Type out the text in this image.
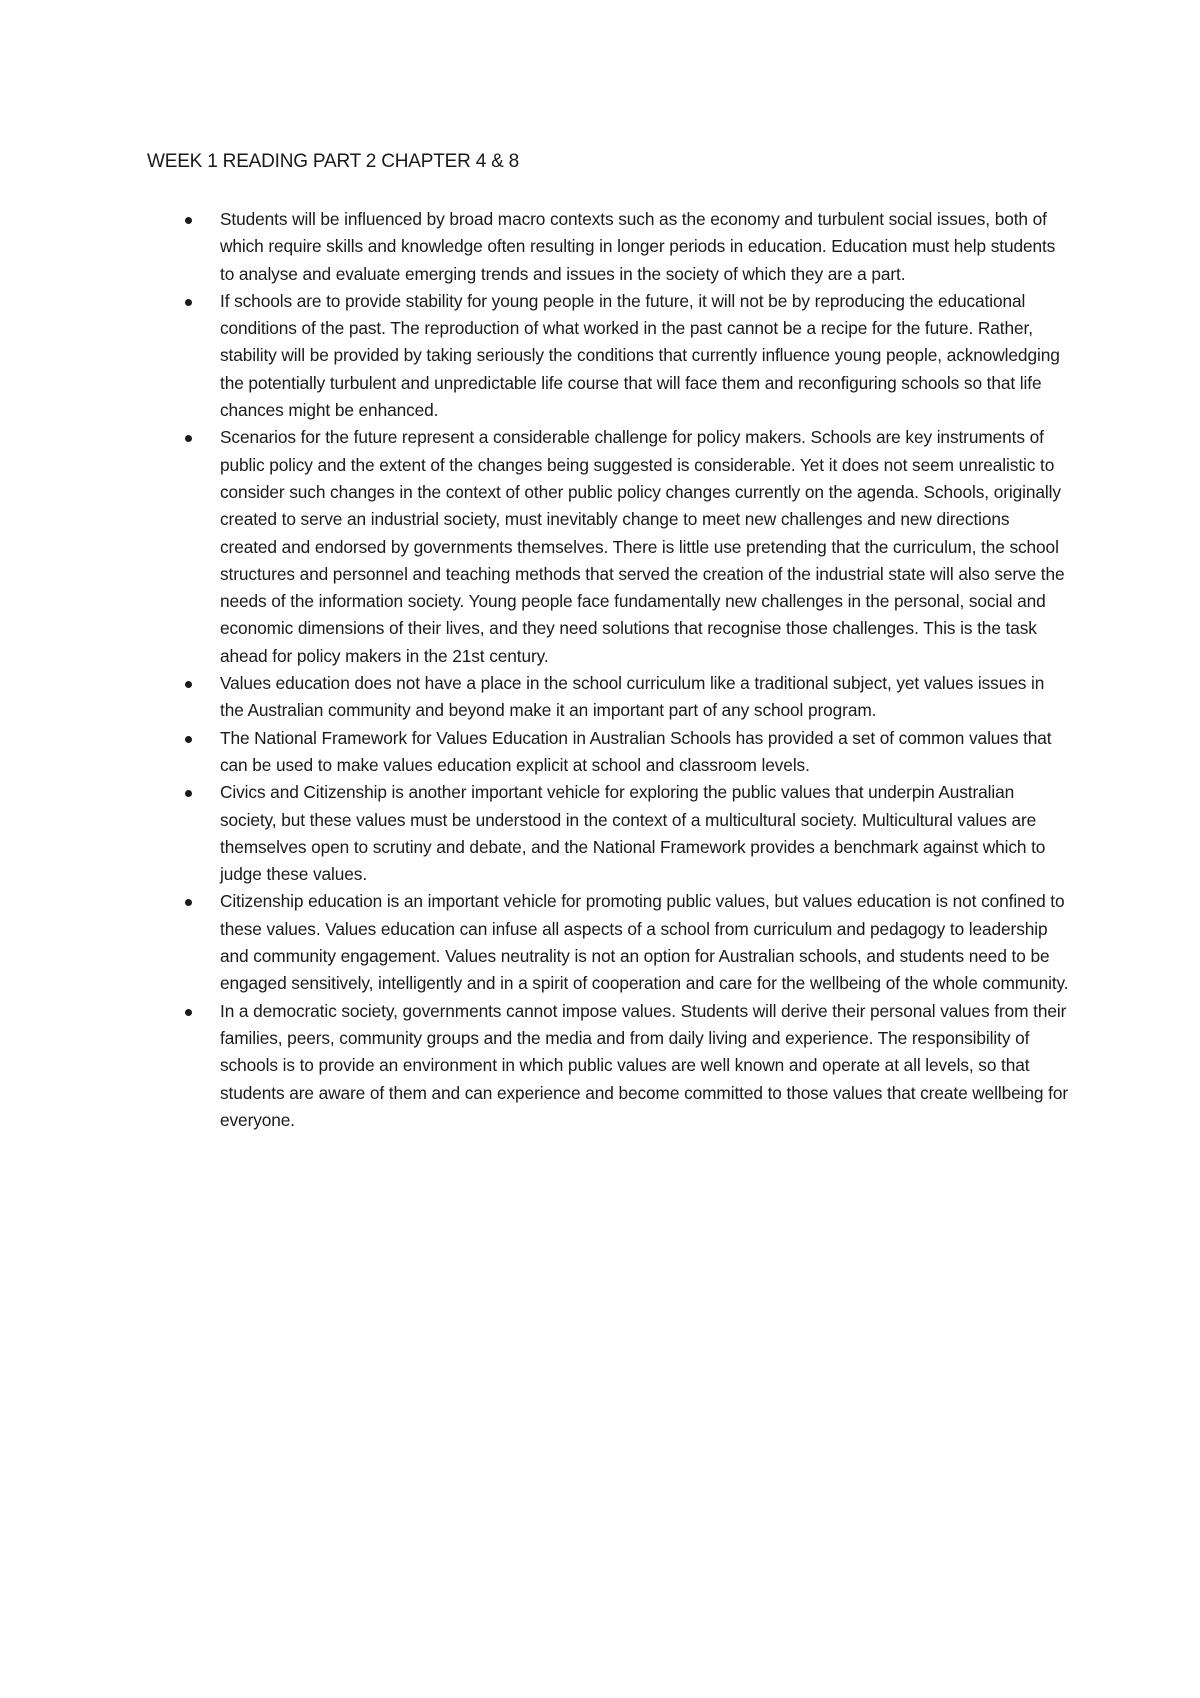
WEEK 1 READING PART 2 CHAPTER 4 & 8
Students will be influenced by broad macro contexts such as the economy and turbulent social issues, both of which require skills and knowledge often resulting in longer periods in education. Education must help students to analyse and evaluate emerging trends and issues in the society of which they are a part.
If schools are to provide stability for young people in the future, it will not be by reproducing the educational conditions of the past. The reproduction of what worked in the past cannot be a recipe for the future. Rather, stability will be provided by taking seriously the conditions that currently influence young people, acknowledging the potentially turbulent and unpredictable life course that will face them and reconfiguring schools so that life chances might be enhanced.
Scenarios for the future represent a considerable challenge for policy makers. Schools are key instruments of public policy and the extent of the changes being suggested is considerable. Yet it does not seem unrealistic to consider such changes in the context of other public policy changes currently on the agenda. Schools, originally created to serve an industrial society, must inevitably change to meet new challenges and new directions created and endorsed by governments themselves. There is little use pretending that the curriculum, the school structures and personnel and teaching methods that served the creation of the industrial state will also serve the needs of the information society. Young people face fundamentally new challenges in the personal, social and economic dimensions of their lives, and they need solutions that recognise those challenges. This is the task ahead for policy makers in the 21st century.
Values education does not have a place in the school curriculum like a traditional subject, yet values issues in the Australian community and beyond make it an important part of any school program.
The National Framework for Values Education in Australian Schools has provided a set of common values that can be used to make values education explicit at school and classroom levels.
Civics and Citizenship is another important vehicle for exploring the public values that underpin Australian society, but these values must be understood in the context of a multicultural society. Multicultural values are themselves open to scrutiny and debate, and the National Framework provides a benchmark against which to judge these values.
Citizenship education is an important vehicle for promoting public values, but values education is not confined to these values. Values education can infuse all aspects of a school from curriculum and pedagogy to leadership and community engagement. Values neutrality is not an option for Australian schools, and students need to be engaged sensitively, intelligently and in a spirit of cooperation and care for the wellbeing of the whole community.
In a democratic society, governments cannot impose values. Students will derive their personal values from their families, peers, community groups and the media and from daily living and experience. The responsibility of schools is to provide an environment in which public values are well known and operate at all levels, so that students are aware of them and can experience and become committed to those values that create wellbeing for everyone.
